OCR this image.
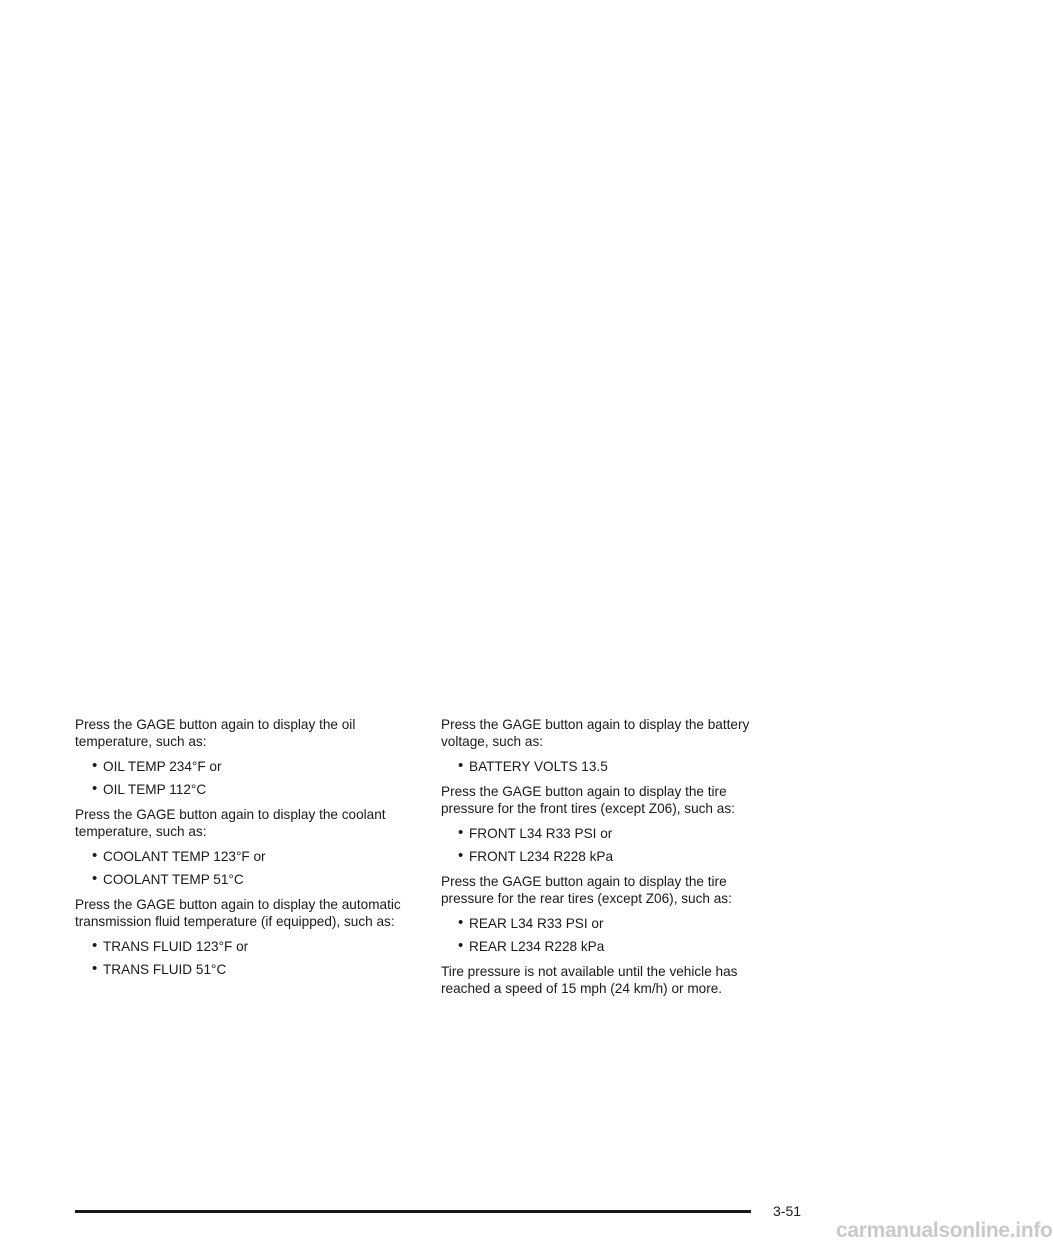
Press the GAGE button again to display the oil temperature, such as:

• OIL TEMP 234°F or
• OIL TEMP 112°C

Press the GAGE button again to display the coolant temperature, such as:

• COOLANT TEMP 123°F or
• COOLANT TEMP 51°C

Press the GAGE button again to display the automatic transmission fluid temperature (if equipped), such as:

• TRANS FLUID 123°F or
• TRANS FLUID 51°C

Press the GAGE button again to display the battery voltage, such as:

• BATTERY VOLTS 13.5

Press the GAGE button again to display the tire pressure for the front tires (except Z06), such as:

• FRONT L34 R33 PSI or
• FRONT L234 R228 kPa

Press the GAGE button again to display the tire pressure for the rear tires (except Z06), such as:

• REAR L34 R33 PSI or
• REAR L234 R228 kPa

Tire pressure is not available until the vehicle has reached a speed of 15 mph (24 km/h) or more.

3-51
carmanualsonline.info
